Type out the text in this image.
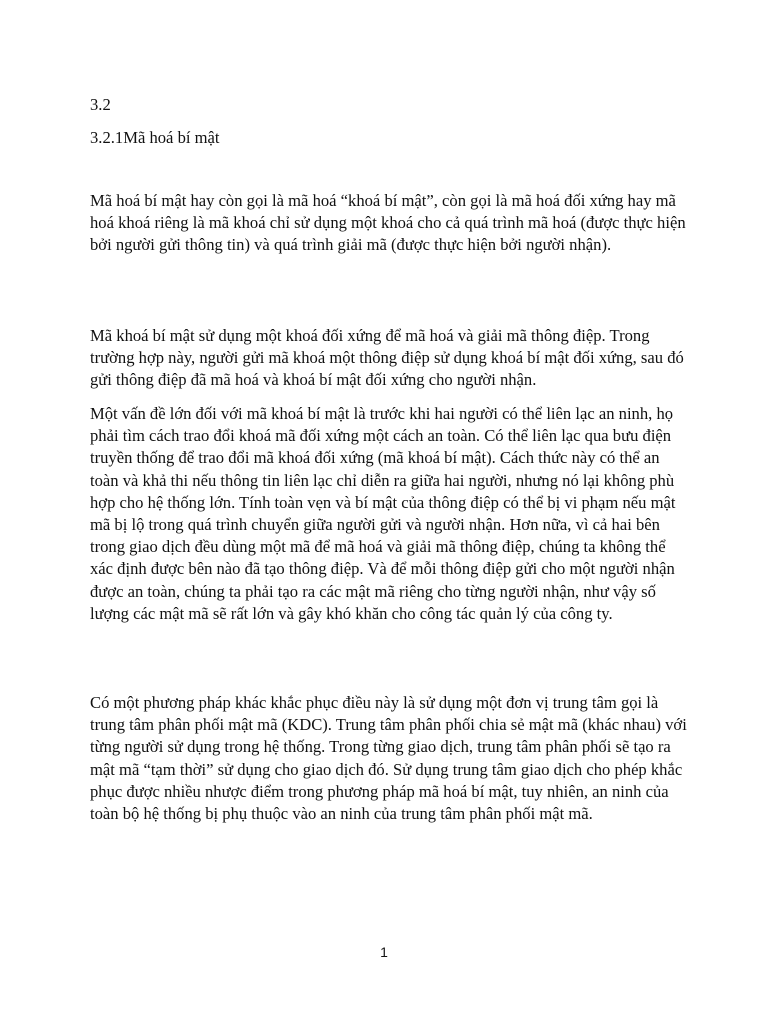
3.2

3.2.1Mã hoá bí mật

Mã hoá bí mật hay còn gọi là mã hoá “khoá bí mật”, còn gọi là mã hoá đối xứng hay mã hoá khoá riêng là mã khoá chỉ sử dụng một khoá cho cả quá trình mã hoá (được thực hiện bởi người gửi thông tin) và quá trình giải mã (được thực hiện bởi người nhận).

Mã khoá bí mật sử dụng một khoá đối xứng để mã hoá và giải mã thông điệp. Trong trường hợp này, người gửi mã khoá một thông điệp sử dụng khoá bí mật đối xứng, sau đó gửi thông điệp đã mã hoá và khoá bí mật đối xứng cho người nhận.

Một vấn đề lớn đối với mã khoá bí mật là trước khi hai người có thể liên lạc an ninh, họ phải tìm cách trao đổi khoá mã đối xứng một cách an toàn. Có thể liên lạc qua bưu điện truyền thống để trao đổi mã khoá đối xứng (mã khoá bí mật). Cách thức này có thể an toàn và khả thi nếu thông tin liên lạc chỉ diễn ra giữa hai người, nhưng nó lại không phù hợp cho hệ thống lớn. Tính toàn vẹn và bí mật của thông điệp có thể bị vi phạm nếu mật mã bị lộ trong quá trình chuyển giữa người gửi và người nhận. Hơn nữa, vì cả hai bên trong giao dịch đều dùng một mã để mã hoá và giải mã thông điệp, chúng ta không thể xác định được bên nào đã tạo thông điệp. Và để mỗi thông điệp gửi cho một người nhận được an toàn, chúng ta phải tạo ra các mật mã riêng cho từng người nhận, như vậy số lượng các mật mã sẽ rất lớn và gây khó khăn cho công tác quản lý của công ty.

Có một phương pháp khác khắc phục điều này là sử dụng một đơn vị trung tâm gọi là trung tâm phân phối mật mã (KDC). Trung tâm phân phối chia sẻ mật mã (khác nhau) với từng người sử dụng trong hệ thống. Trong từng giao dịch, trung tâm phân phối sẽ tạo ra mật mã “tạm thời” sử dụng cho giao dịch đó. Sử dụng trung tâm giao dịch cho phép khắc phục được nhiều nhược điểm trong phương pháp mã hoá bí mật, tuy nhiên, an ninh của toàn bộ hệ thống bị phụ thuộc vào an ninh của trung tâm phân phối mật mã.

1
